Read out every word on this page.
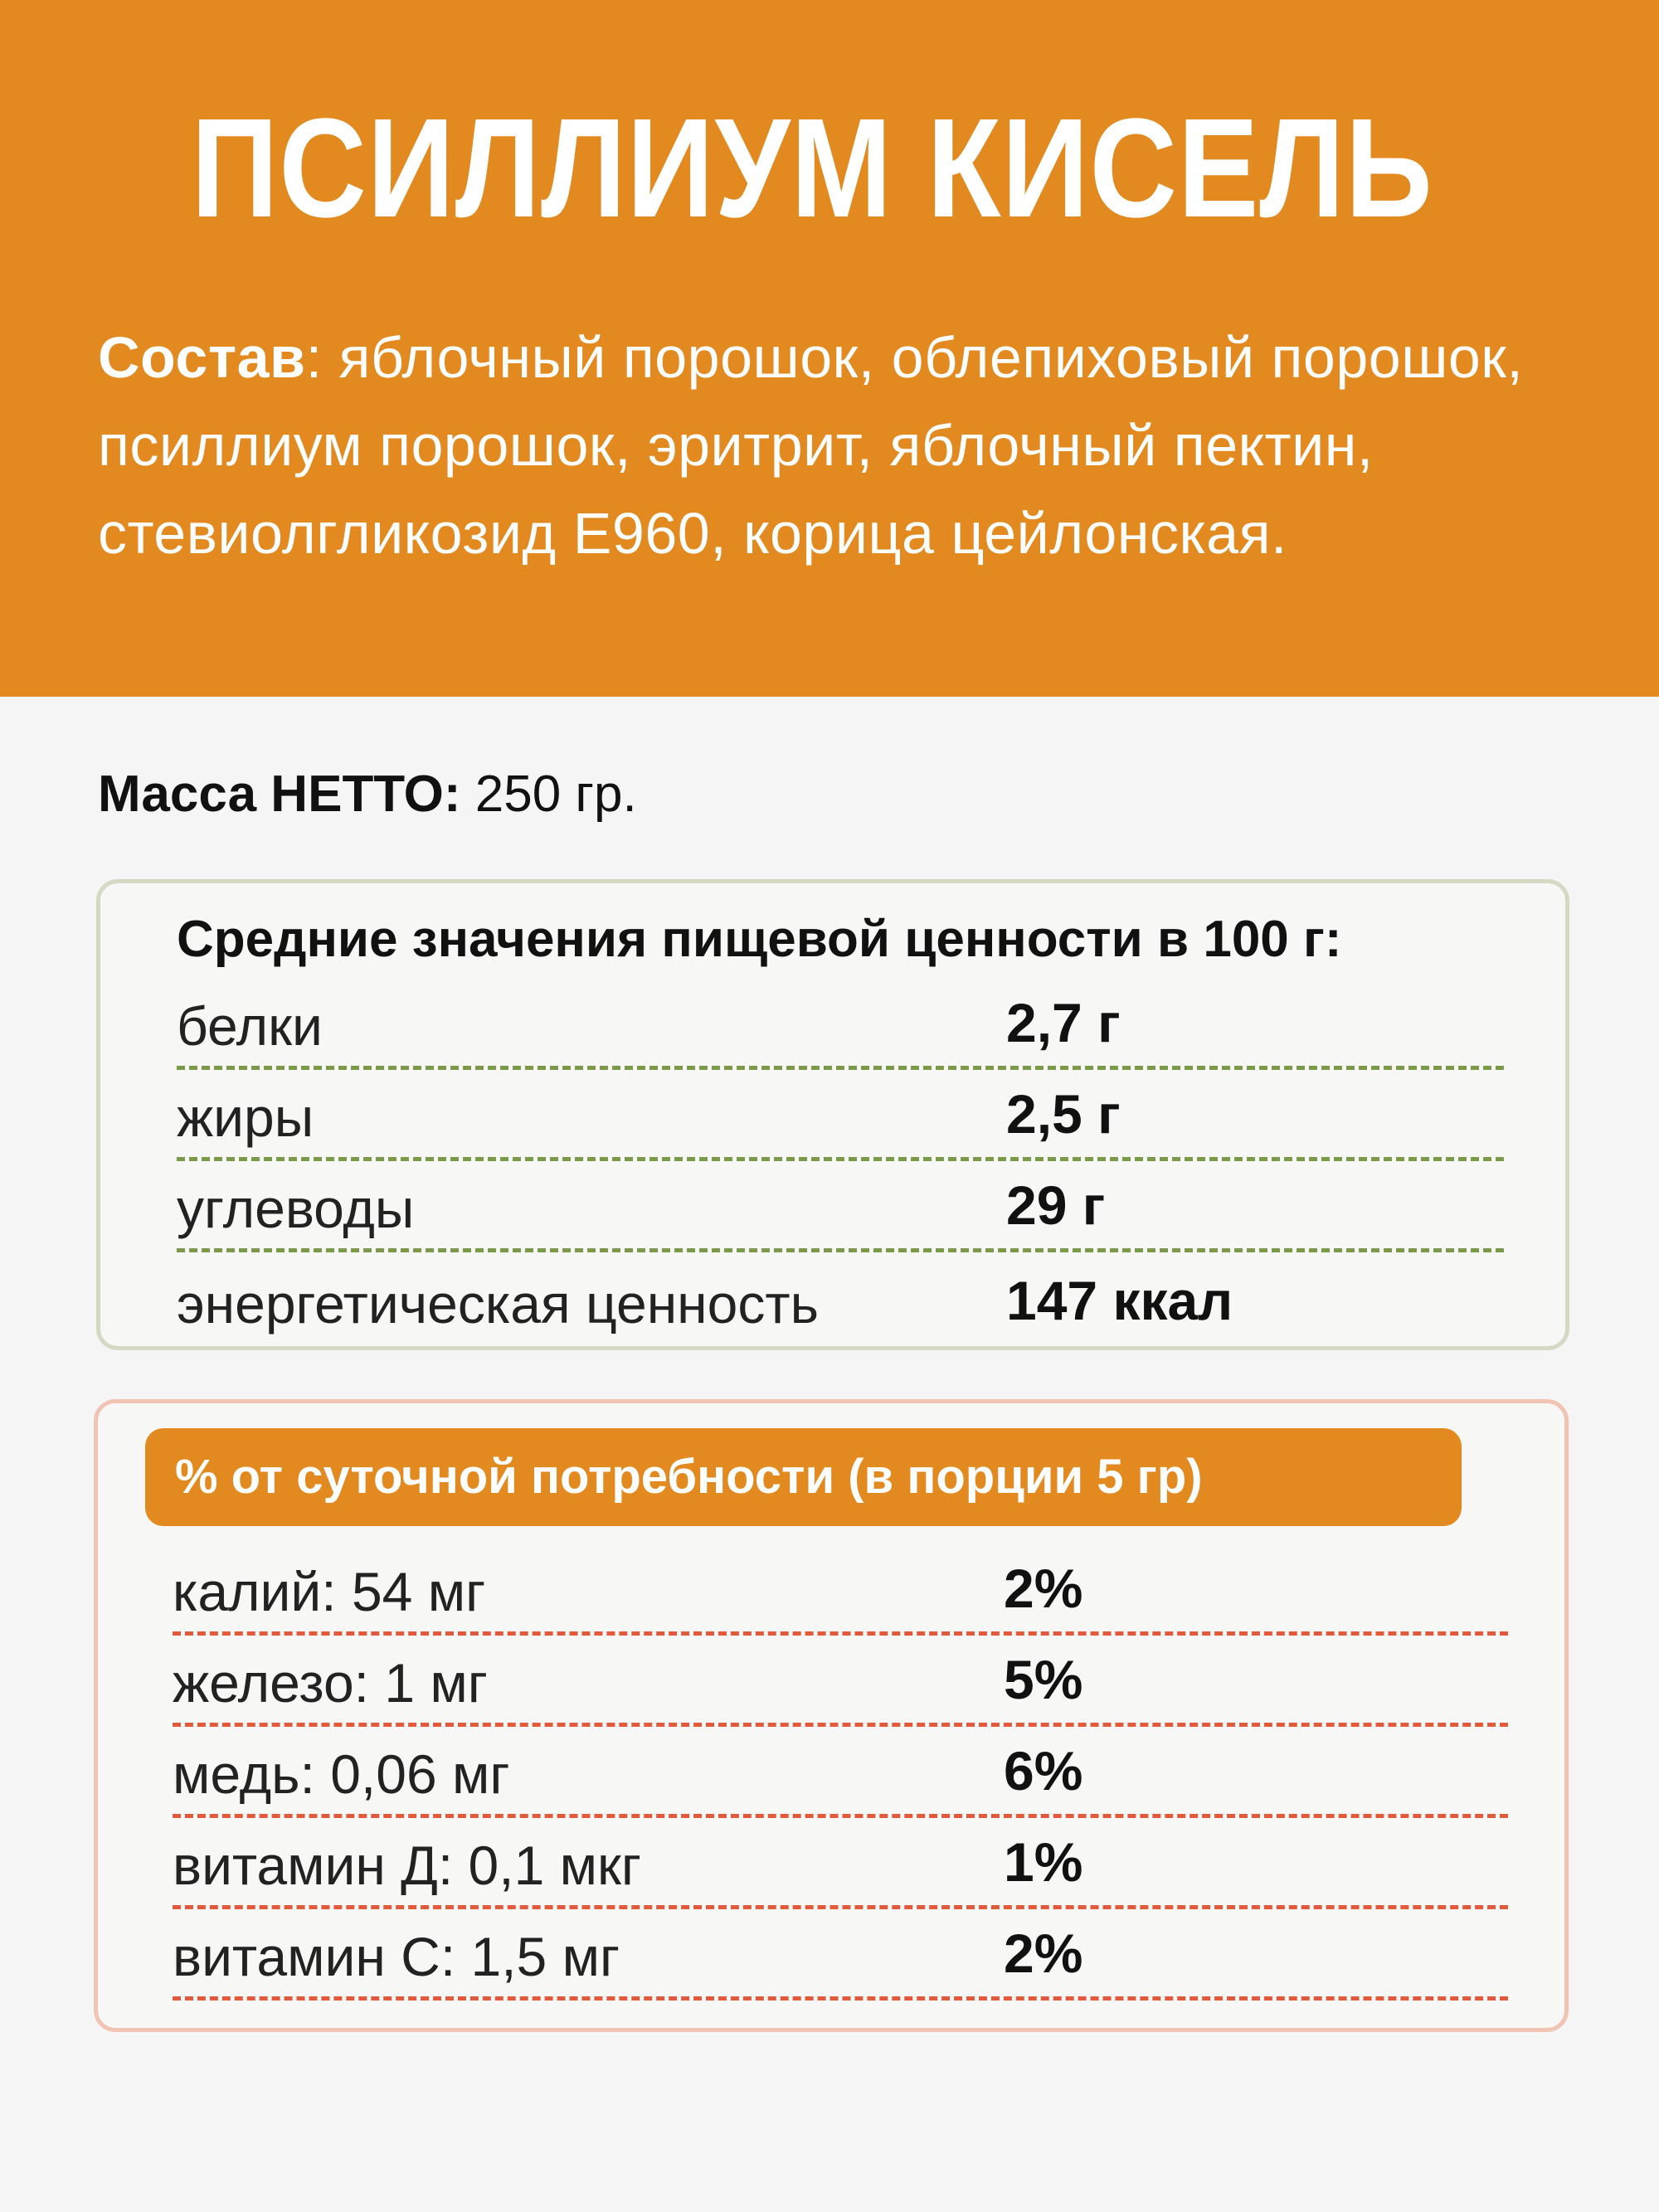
ПСИЛЛИУМ КИСЕЛЬ

Состав: яблочный порошок, облепиховый порошок, псиллиум порошок, эритрит, яблочный пектин, стевиолгликозид Е960, корица цейлонская.

Масса НЕТТО: 250 гр.

Средние значения пищевой ценности в 100 г:

белки	2,7 г
жиры	2,5 г
углеводы	29 г
энергетическая ценность	147 ккал
% от суточной потребности (в порции 5 гр)
калий: 54 мг	2%
железо: 1 мг	5%
медь: 0,06 мг	6%
витамин Д: 0,1 мкг	1%
витамин С: 1,5 мг	2%
